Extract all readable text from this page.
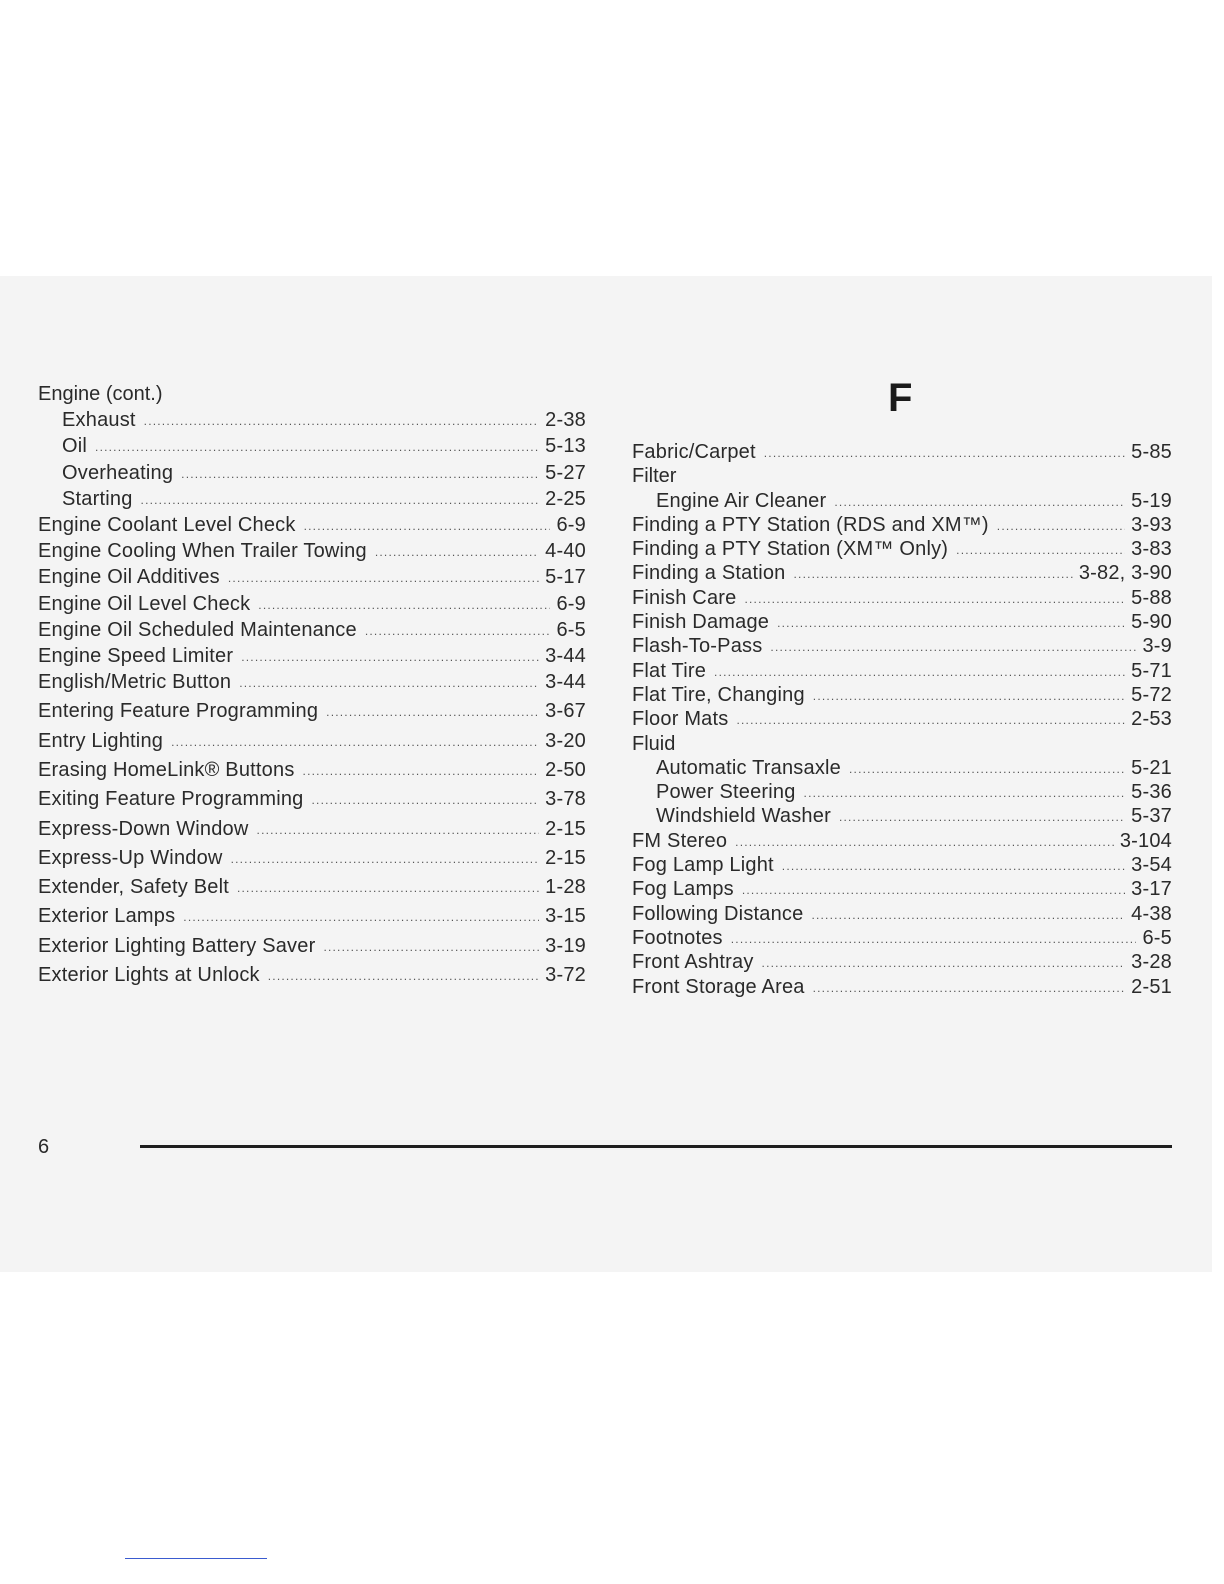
Engine (cont.)
Exhaust .....	2-38
Oil .....	5-13
Overheating .....	5-27
Starting .....	2-25
Engine Coolant Level Check .....	6-9
Engine Cooling When Trailer Towing .....	4-40
Engine Oil Additives .....	5-17
Engine Oil Level Check .....	6-9
Engine Oil Scheduled Maintenance .....	6-5
Engine Speed Limiter .....	3-44
English/Metric Button .....	3-44
Entering Feature Programming .....	3-67
Entry Lighting .....	3-20
Erasing HomeLink® Buttons .....	2-50
Exiting Feature Programming .....	3-78
Express-Down Window .....	2-15
Express-Up Window .....	2-15
Extender, Safety Belt .....	1-28
Exterior Lamps .....	3-15
Exterior Lighting Battery Saver .....	3-19
Exterior Lights at Unlock .....	3-72
Fabric/Carpet .....	5-85
Filter
Engine Air Cleaner .....	5-19
Finding a PTY Station (RDS and XM™) .....	3-93
Finding a PTY Station (XM™ Only) .....	3-83
Finding a Station .....	3-82, 3-90
Finish Care .....	5-88
Finish Damage .....	5-90
Flash-To-Pass .....	3-9
Flat Tire .....	5-71
Flat Tire, Changing .....	5-72
Floor Mats .....	2-53
Fluid
Automatic Transaxle .....	5-21
Power Steering .....	5-36
Windshield Washer .....	5-37
FM Stereo .....	3-104
Fog Lamp Light .....	3-54
Fog Lamps .....	3-17
Following Distance .....	4-38
Footnotes .....	6-5
Front Ashtray .....	3-28
Front Storage Area .....	2-51
F
6
